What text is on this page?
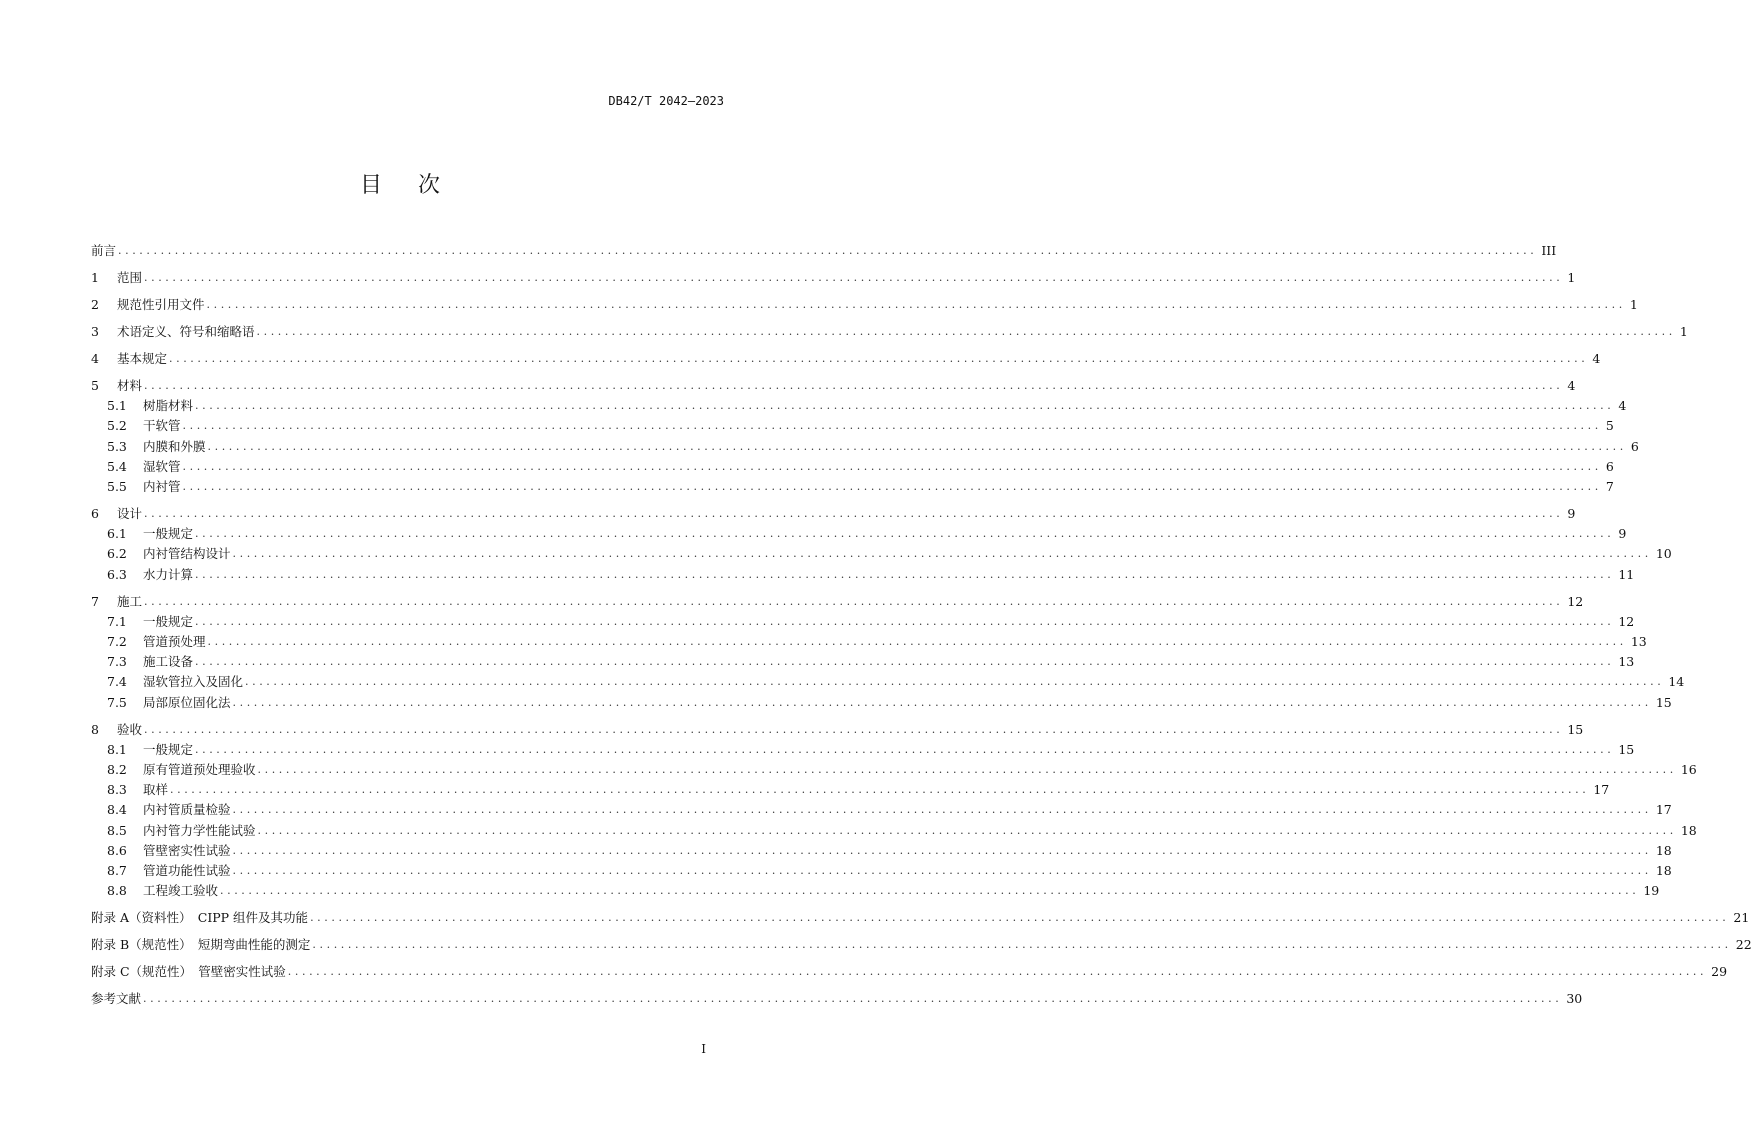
DB42/T 2042—2023
目次
前言 ........................................................................................................................................................................................................ III
1	范围 ........................................................................................................................................................................................................ 1
2	规范性引用文件 ........................................................................................................................................................................................................ 1
3	术语定义、符号和缩略语 ........................................................................................................................................................................................................ 1
4	基本规定 ........................................................................................................................................................................................................ 4
5	材料 ........................................................................................................................................................................................................ 4
5.1	树脂材料 ........................................................................................................................................................................................................ 4
5.2	干软管 ........................................................................................................................................................................................................ 5
5.3	内膜和外膜 ........................................................................................................................................................................................................ 6
5.4	湿软管 ........................................................................................................................................................................................................ 6
5.5	内衬管 ........................................................................................................................................................................................................ 7
6	设计 ........................................................................................................................................................................................................ 9
6.1	一般规定 ........................................................................................................................................................................................................ 9
6.2	内衬管结构设计 ........................................................................................................................................................................................................ 10
6.3	水力计算 ........................................................................................................................................................................................................ 11
7	施工 ........................................................................................................................................................................................................ 12
7.1	一般规定 ........................................................................................................................................................................................................ 12
7.2	管道预处理 ........................................................................................................................................................................................................ 13
7.3	施工设备 ........................................................................................................................................................................................................ 13
7.4	湿软管拉入及固化 ........................................................................................................................................................................................................ 14
7.5	局部原位固化法 ........................................................................................................................................................................................................ 15
8	验收 ........................................................................................................................................................................................................ 15
8.1	一般规定 ........................................................................................................................................................................................................ 15
8.2	原有管道预处理验收 ........................................................................................................................................................................................................ 16
8.3	取样 ........................................................................................................................................................................................................ 17
8.4	内衬管质量检验 ........................................................................................................................................................................................................ 17
8.5	内衬管力学性能试验 ........................................................................................................................................................................................................ 18
8.6	管壁密实性试验 ........................................................................................................................................................................................................ 18
8.7	管道功能性试验 ........................................................................................................................................................................................................ 18
8.8	工程竣工验收 ........................................................................................................................................................................................................ 19
附录 A（资料性）　CIPP 组件及其功能 ........................................................................................................................................................................................................ 21
附录 B（规范性）　短期弯曲性能的测定 ........................................................................................................................................................................................................ 22
附录 C（规范性）　管壁密实性试验 ........................................................................................................................................................................................................ 29
参考文献 ........................................................................................................................................................................................................ 30
I
